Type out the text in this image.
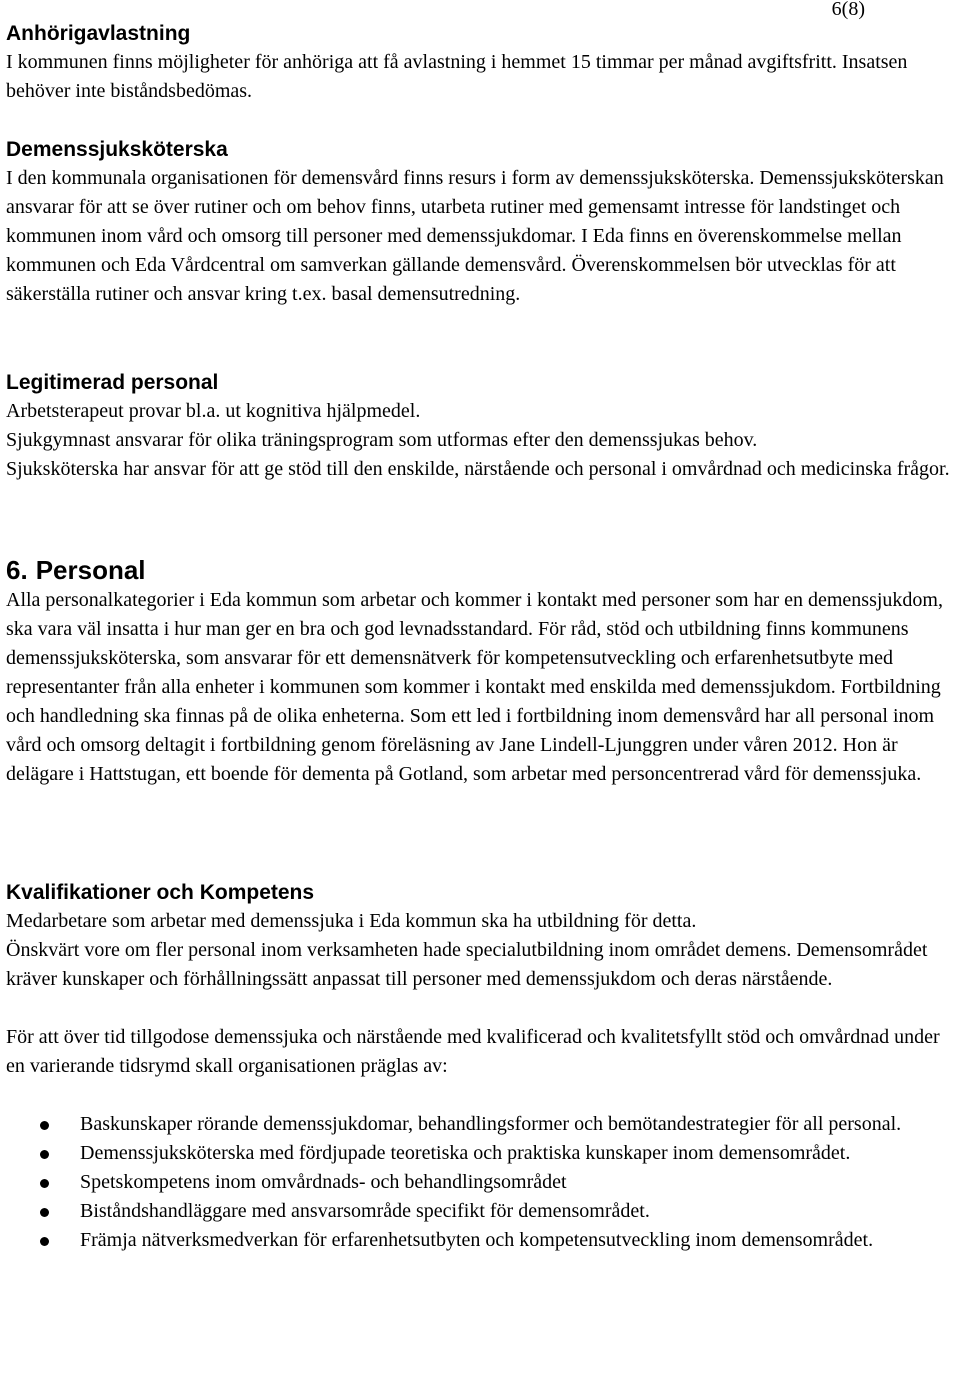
6(8)
Anhörigavlastning

I kommunen finns möjligheter för anhöriga att få avlastning i hemmet 15 timmar per månad avgiftsfritt. Insatsen behöver inte biståndsbedömas.

Demenssjuksköterska

I den kommunala organisationen för demensvård finns resurs i form av demenssjuksköterska. Demenssjuksköterskan ansvarar för att se över rutiner och om behov finns, utarbeta rutiner med gemensamt intresse för landstinget och kommunen inom vård och omsorg till personer med demenssjukdomar. I Eda finns en överenskommelse mellan kommunen och Eda Vårdcentral om samverkan gällande demensvård. Överenskommelsen bör utvecklas för att säkerställa rutiner och ansvar kring t.ex. basal demensutredning.

Legitimerad personal

Arbetsterapeut provar bl.a. ut kognitiva hjälpmedel.

Sjukgymnast ansvarar för olika träningsprogram som utformas efter den demenssjukas behov.

Sjuksköterska har ansvar för att ge stöd till den enskilde, närstående och personal i omvårdnad och medicinska frågor.

6. Personal

Alla personalkategorier i Eda kommun som arbetar och kommer i kontakt med personer som har en demenssjukdom, ska vara väl insatta i hur man ger en bra och god levnadsstandard. För råd, stöd och utbildning finns kommunens demenssjuksköterska, som ansvarar för ett demensnätverk för kompetensutveckling och erfarenhetsutbyte med representanter från alla enheter i kommunen som kommer i kontakt med enskilda med demenssjukdom. Fortbildning och handledning ska finnas på de olika enheterna. Som ett led i fortbildning inom demensvård har all personal inom vård och omsorg deltagit i fortbildning genom föreläsning av Jane Lindell-Ljunggren under våren 2012. Hon är delägare i Hattstugan, ett boende för dementa på Gotland, som arbetar med personcentrerad vård för demenssjuka.

Kvalifikationer och Kompetens

Medarbetare som arbetar med demenssjuka i Eda kommun ska ha utbildning för detta.

Önskvärt vore om fler personal inom verksamheten hade specialutbildning inom området demens. Demensområdet kräver kunskaper och förhållningssätt anpassat till personer med demenssjukdom och deras närstående.

För att över tid tillgodose demenssjuka och närstående med kvalificerad och kvalitetsfyllt stöd och omvårdnad under en varierande tidsrymd skall organisationen präglas av:

Baskunskaper rörande demenssjukdomar, behandlingsformer och bemötandestrategier för all personal.
Demenssjuksköterska med fördjupade teoretiska och praktiska kunskaper inom demensområdet.
Spetskompetens inom omvårdnads- och behandlingsområdet
Biståndshandläggare med ansvarsområde specifikt för demensområdet.
Främja nätverksmedverkan för erfarenhetsutbyten och kompetensutveckling inom demensområdet.
